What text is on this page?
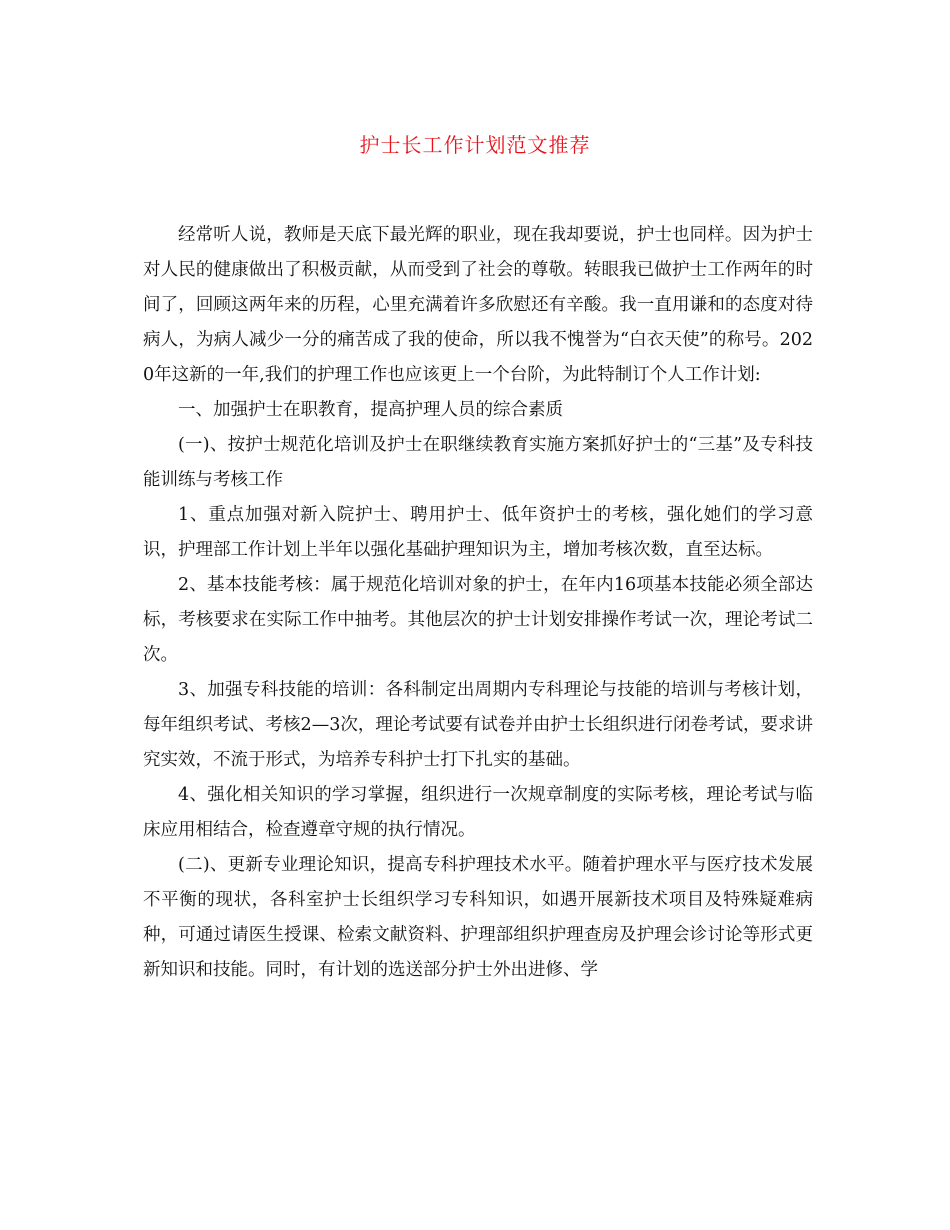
护士长工作计划范文推荐

经常听人说，教师是天底下最光辉的职业，现在我却要说，护士也同样。因为护士对人民的健康做出了积极贡献，从而受到了社会的尊敬。转眼我已做护士工作两年的时间了，回顾这两年来的历程，心里充满着许多欣慰还有辛酸。我一直用谦和的态度对待病人，为病人减少一分的痛苦成了我的使命，所以我不愧誉为“白衣天使”的称号。2020年这新的一年,我们的护理工作也应该更上一个台阶，为此特制订个人工作计划:

一、加强护士在职教育，提高护理人员的综合素质

(一)、按护士规范化培训及护士在职继续教育实施方案抓好护士的“三基”及专科技能训练与考核工作

1、重点加强对新入院护士、聘用护士、低年资护士的考核，强化她们的学习意识，护理部工作计划上半年以强化基础护理知识为主，增加考核次数，直至达标。

2、基本技能考核：属于规范化培训对象的护士，在年内16项基本技能必须全部达标，考核要求在实际工作中抽考。其他层次的护士计划安排操作考试一次，理论考试二次。

3、加强专科技能的培训：各科制定出周期内专科理论与技能的培训与考核计划，每年组织考试、考核2—3次，理论考试要有试卷并由护士长组织进行闭卷考试，要求讲究实效，不流于形式，为培养专科护士打下扎实的基础。

4、强化相关知识的学习掌握，组织进行一次规章制度的实际考核，理论考试与临床应用相结合，检查遵章守规的执行情况。

(二)、更新专业理论知识，提高专科护理技术水平。随着护理水平与医疗技术发展不平衡的现状，各科室护士长组织学习专科知识，如遇开展新技术项目及特殊疑难病种，可通过请医生授课、检索文献资料、护理部组织护理查房及护理会诊讨论等形式更新知识和技能。同时，有计划的选送部分护士外出进修、学
